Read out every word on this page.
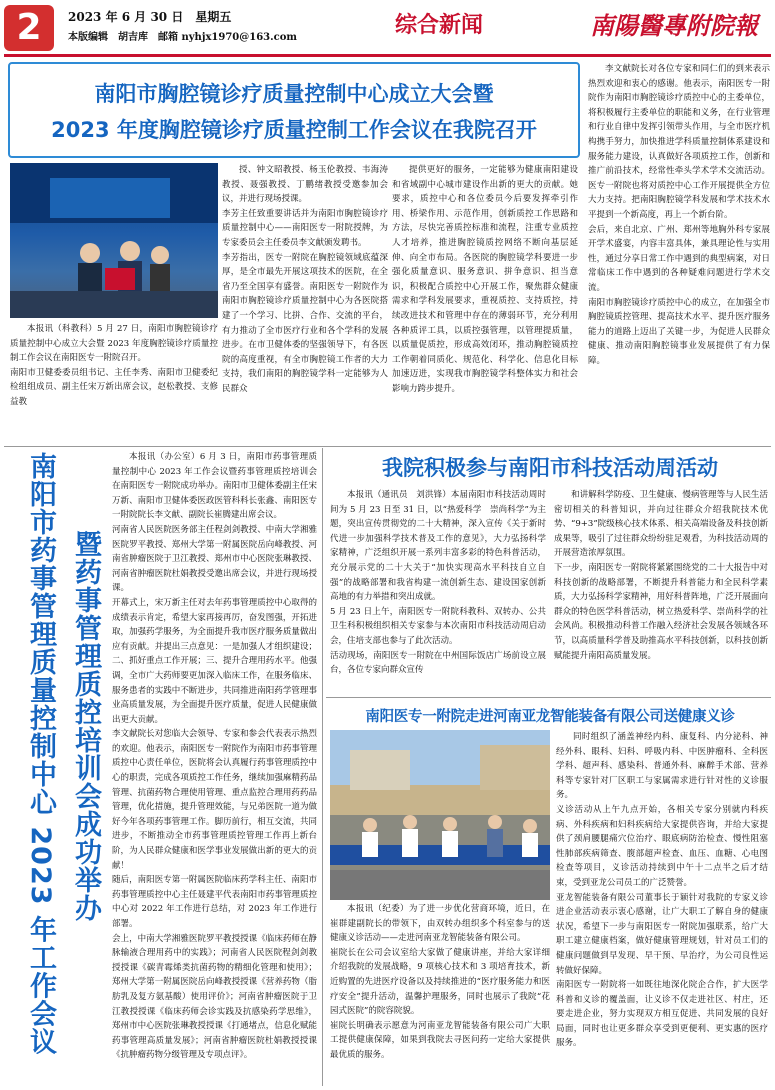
2 2023 年 6 月 30 日　星期五
本版编辑　胡吉库　邮箱 nyhjx1970@163.com	综合新闻	南陽醫專附院報
南阳市胸腔镜诊疗质量控制中心成立大会暨
2023 年度胸腔镜诊疗质量控制工作会议在我院召开
本报讯（科教科）5 月 27 日，南阳市胸腔镜诊疗质量控制中心成立大会暨 2023 年度胸腔镜诊疗质量控制工作会议在南阳医专一附院召开。
南阳市卫健委委员组书记、主任李秀、南阳市卫健委纪检组组成员、副主任宋万新出席会议，赵松教授、支修益教
授、钟文昭教授、杨玉伦教授、韦海涛教授、聂强教授、丁鹏绪教授受邀参加会议，并进行现场授课。
李芳主任致重要讲话并为南阳市胸腔镜诊疗质量控制中心——南阳医专一附院授牌，为专家委员会主任委员李文献颁发聘书。
李芳指出，医专一附院在胸腔镜领域底蕴深厚，是全市最先开展这项技术的医院，在全省乃至全国享有盛誉。南阳医专一附院作为南阳市胸腔镜诊疗质量控制中心为各医院搭建了一个学习、比拼、合作、交流的平台，有力推动了全市医疗行业和各个学科的发展进步。在市卫健体委的坚强领导下，有各医院的高度重视，有全市胸腔镜工作者的大力支持，我们南阳的胸腔镜学科一定能够为人民群众
提供更好的服务，一定能够为健康南阳建设和省域副中心城市建设作出新的更大的贡献。她要求，质控中心和各位委员今后要发挥牵引作用、桥梁作用、示范作用，创新质控工作思路和方法，尽快完善质控标准和流程，注重专业质控人才培养，推进胸腔镜质控网络不断向基层延伸、向全市布局。各医院的胸腔镜学科要进一步强化质量意识、服务意识、拼争意识、担当意识，积极配合质控中心开展工作，聚焦群众健康需求和学科发展要求，重视质控、支持质控，持续改进技术和管理中存在的薄弱环节，充分利用各种质评工具，以质控强管理，以管理提质量，以质量促质控，形成高效闭环，推动胸腔镜质控工作朝着同质化、规范化、科学化、信息化目标加速迈进，实现我市胸腔镜学科整体实力和社会影响力跨步提升。
李文献院长对各位专家和同仁们的到来表示热烈欢迎和衷心的感谢。他表示，南阳医专一附院作为南阳市胸腔镜诊疗质控中心的主委单位，将积极履行主委单位的职能和义务，在行业管理和行业自律中发挥引领带头作用，与全市医疗机构携手努力，加快推进学科质量控制体系建设和服务能力建设，认真做好各项质控工作，创新和推广前沿技术，经常性牵头学术学术交流活动。医专一附院也将对质控中心工作开展提供全方位大力支持。把南阳胸腔镜学科发展和学术技术水平提到一个新高度，再上一个新台阶。
会后，来自北京、广州、郑州等地胸外科专家展开学术盛宴，内容丰富具体，兼具理论性与实用性，通过分享日常工作中遇到的典型病案，对日常临床工作中遇到的各种疑难问题进行学术交流。
南阳市胸腔镜诊疗质控中心的成立，在加强全市胸腔镜质控管理、提高技术水平、提升医疗服务能力的道路上迈出了关键一步，为促进人民群众健康、推动南阳胸腔镜事业发展提供了有力保障。
南阳市药事管理质量控制中心 2023 年工作会议 暨药事管理质控培训会成功举办
本报讯（办公室）6 月 3 日，南阳市药事管理质量控制中心 2023 年工作会议暨药事管理质控培训会在南阳医专一附院成功举办。南阳市卫健体委副主任宋万新、南阳市卫健体委医政医管科科长张鑫、南阳医专一附院院长李文献、副院长崔腾建出席会议。
河南省人民医院医务部主任程剑剑教授、中南大学湘雅医院罗平教授、郑州大学第一附属医院岳向峰教授、河南省肿瘤医院于卫江教授、郑州市中心医院张琳教授、河南省肿瘤医院杜娟教授受邀出席会议，并进行现场授课。
开幕式上，宋万新主任对去年药事管理质控中心取得的成绩表示肯定，希望大家再接再厉，奋发图强，开拓进取，加强药学服务，为全面提升我市医疗服务质量做出应有贡献。并提出三点意见：一是加强人才组织建设；二、抓好重点工作开展；三、提升合理用药水平。他强调，全市广大药师要更加深入临床工作，在服务临床、服务患者的实践中不断进步，共同推进南阳药学管理事业高质量发展，为全面提升医疗质量，促进人民健康做出更大贡献。
李文献院长对您临大会领导、专家和参会代表表示热烈的欢迎。他表示，南阳医专一附院作为南阳市药事管理质控中心责任单位，医院将会认真履行药事管理质控中心的职责，完成各项质控工作任务，继续加强麻精药品管理、抗菌药物合理使用管理、重点监控合理用药药品管理，优化措施，提升管理效能，与兄弟医院一道为做好今年各项药事管理工作。脚历前行，相互交流，共同进步，不断推动全市药事管理质控管理工作再上新台阶，为人民群众健康和医学事业发展做出新的更大的贡献！
随后，南阳医专第一附属医院临床药学科主任、南阳市药事管理质控中心主任聂建平代表南阳市药事管理质控中心对 2022 年工作进行总结，对 2023 年工作进行部署。
会上，中南大学湘雅医院罗平教授授课《临床药师在静脉输液合理用药中的实践》；河南省人民医院程剑剑教授授课《碳青霉烯类抗菌药物的精细化管理和使用》；郑州大学第一附属医院岳向峰教授授课《营养药物（脂肪乳及复方氨基酸）使用评价》；河南省肿瘤医院于卫江教授授课《临床药师会诊实践及抗感染药学思维》，郑州市中心医院张琳教授授课《打通堵点，信息化赋能药事管理高质量发展》；河南省肿瘤医院杜娟教授授课《抗肿瘤药物分级管理及专项点评》。
我院积极参与南阳市科技活动周活动
本报讯（通讯员　刘洪锋）本届南阳市科技活动周时间为 5 月 23 日至 31 日，以“热爱科学　崇尚科学”为主题，突出宣传贯彻党的二十大精神，深入宣传《关于新时代进一步加强科学技术普及工作的意见》，大力弘扬科学家精神，广泛组织开展一系列丰富多彩的特色科普活动，充分展示党的二十大关于“加快实现高水平科技自立自强”的战略部署和我省构建一流创新生态、建设国家创新高地的有力举措和突出成就。
5 月 23 日上午，南阳医专一附院科教科、双转办、公共卫生科积极组织相关专家参与本次南阳市科技活动周启动会，住培支部也参与了此次活动。
活动现场，南阳医专一附院在中州国际饭店广场前设立展台，各位专家向群众宣传
和讲解科学防疫、卫生健康、慢病管理等与人民生活密切相关的科普知识，并向过往群众介绍我院技术优势、“9+3”院级核心技术体系、相关高端设备及科技创新成果等，吸引了过往群众纷纷驻足观看，为科技活动周的开展营造浓厚氛围。
下一步，南阳医专一附院将紧紧围绕党的二十大报告中对科技创新的战略部署，不断提升科普能力和全民科学素质，大力弘扬科学家精神，用好科普阵地，广泛开展面向群众的特色医学科普活动，树立热爱科学、崇尚科学的社会风尚。积极推动科普工作融入经济社会发展各领域各环节，以高质量科学普及助推高水平科技创新，以科技创新赋能提升南阳高质量发展。
南阳医专一附院走进河南亚龙智能装备有限公司送健康义诊
本报讯（纪委）为了进一步优化营商环境，近日，在崔群建副院长的带领下，由双转办组织多个科室参与的送健康义诊活动——走进河南亚龙智能装备有限公司。
崔院长在公司会议室给大家做了健康讲座，并给大家详细介绍我院的发展战略，9 项核心技术和 3 项培育技术，新近购置的先进医疗设备以及持续推进的“医疗服务能力和医疗安全”提升活动，温馨护理服务，同时也展示了我院“花园式医院”的院容院貌。
崔院长明确表示愿意为河南亚龙智能装备有限公司广大职工提供健康保障，如果到我院去寻医问药一定给大家提供最优质的服务。
同时组织了涵盖神经内科、康复科、内分泌科、神经外科、眼科、妇科、呼吸内科、中医肿瘤科、全科医学科、超声科、感染科、普通外科、麻醉手术部、营养科等专家针对厂区职工与家属需求进行针对性的义诊服务。
义诊活动从上午九点开始，各相关专家分别就内科疾病、外科疾病和妇科疾病给大家提供咨询，并给大家提供了颈肩腰腿痛穴位治疗、眼底病防治检查、慢性阻塞性肺部疾病筛查、腹部超声检查、血压、血糖、心电图检查等项目，义诊活动持续到中午十二点半之后才结束，受到亚龙公司员工的广泛赞誉。
亚龙智能装备有限公司董事长于颖针对我院的专家义诊进企业活动表示衷心感谢，让广大职工了解自身的健康状况，希望下一步与南阳医专一附院加强联系，给广大职工建立健康档案，做好健康管理规划，针对员工们的健康问题做到早发现、早干预、早治疗，为公司良性运转做好保障。
南阳医专一附院将一如既往地深化院企合作，扩大医学科普和义诊的覆盖面，让义诊不仅走进社区、村庄，还要走进企业，努力实现双方相互促进、共同发展的良好局面，同时也让更多群众享受到更便利、更实惠的医疗服务。
